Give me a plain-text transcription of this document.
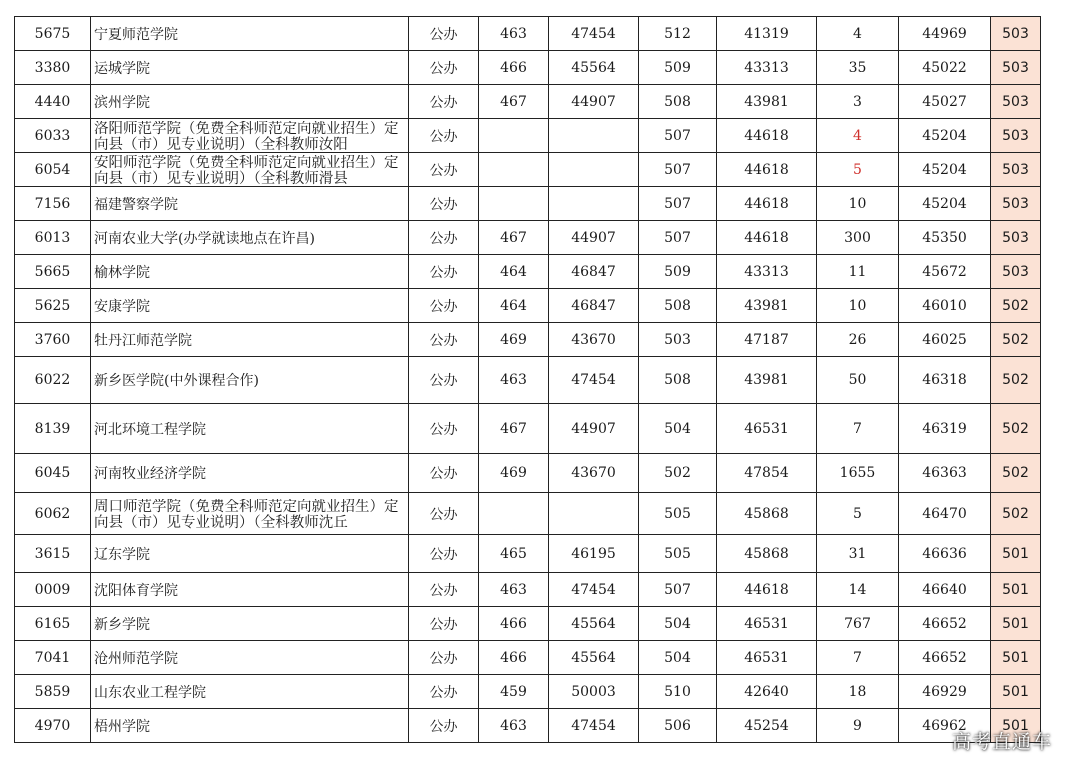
5675	宁夏师范学院	公办	463	47454	512	41319	4	44969	503
3380	运城学院	公办	466	45564	509	43313	35	45022	503
4440	滨州学院	公办	467	44907	508	43981	3	45027	503
6033	洛阳师范学院（免费全科师范定向就业招生）定向县（市）见专业说明）（全科教师汝阳	公办			507	44618	4	45204	503
6054	安阳师范学院（免费全科师范定向就业招生）定向县（市）见专业说明）（全科教师滑县	公办			507	44618	5	45204	503
7156	福建警察学院	公办			507	44618	10	45204	503
6013	河南农业大学(办学就读地点在许昌)	公办	467	44907	507	44618	300	45350	503
5665	榆林学院	公办	464	46847	509	43313	11	45672	503
5625	安康学院	公办	464	46847	508	43981	10	46010	502
3760	牡丹江师范学院	公办	469	43670	503	47187	26	46025	502
6022	新乡医学院(中外课程合作)	公办	463	47454	508	43981	50	46318	502
8139	河北环境工程学院	公办	467	44907	504	46531	7	46319	502
6045	河南牧业经济学院	公办	469	43670	502	47854	1655	46363	502
6062	周口师范学院（免费全科师范定向就业招生）定向县（市）见专业说明）（全科教师沈丘	公办			505	45868	5	46470	502
3615	辽东学院	公办	465	46195	505	45868	31	46636	501
0009	沈阳体育学院	公办	463	47454	507	44618	14	46640	501
6165	新乡学院	公办	466	45564	504	46531	767	46652	501
7041	沧州师范学院	公办	466	45564	504	46531	7	46652	501
5859	山东农业工程学院	公办	459	50003	510	42640	18	46929	501
4970	梧州学院	公办	463	47454	506	45254	9	46962	501
高考直通车
